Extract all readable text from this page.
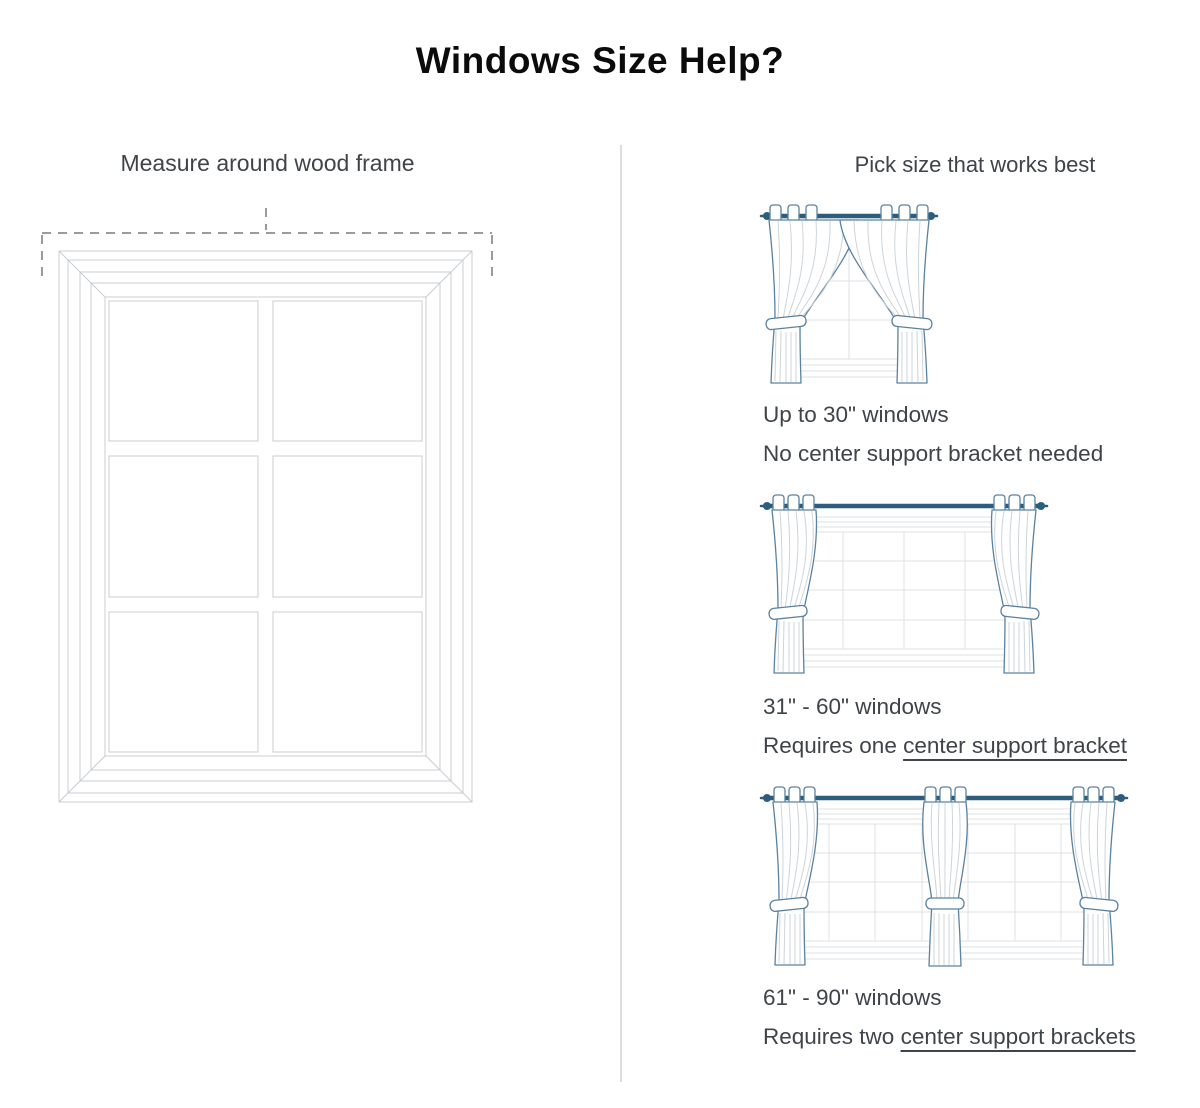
Windows Size Help?
Measure around wood frame	Pick size that works best
Up to 30" windows
No center support bracket needed
31" - 60" windows
Requires one center support bracket
61" - 90" windows
Requires two center support brackets
